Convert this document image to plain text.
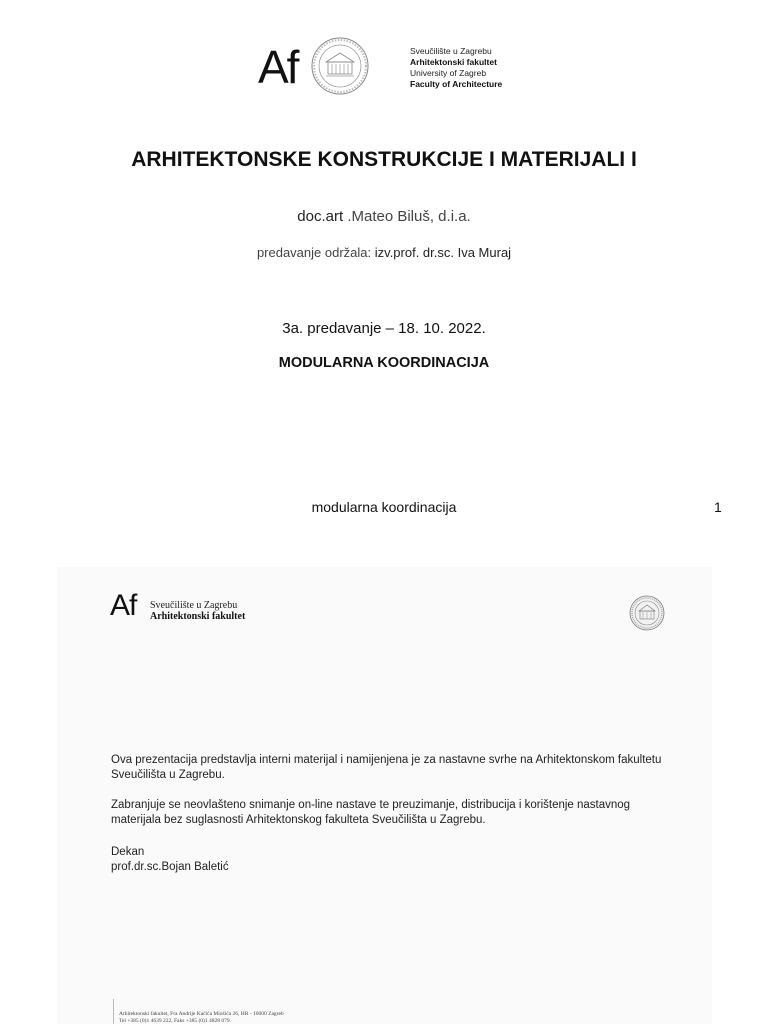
Af	Sveučilište u Zagrebu
Arhitektonski fakultet
University of Zagreb
Faculty of Architecture
ARHITEKTONSKE KONSTRUKCIJE I MATERIJALI I
doc.art .Mateo Biluš, d.i.a.
predavanje održala: izv.prof. dr.sc. Iva Muraj
3a. predavanje – 18. 10. 2022.
MODULARNA KOORDINACIJA
modularna koordinacija	1
Af Sveučilište u Zagrebu
Arhitektonski fakultet
Ova prezentacija predstavlja interni materijal i namijenjena je za nastavne svrhe na Arhitektonskom fakultetu Sveučilišta u Zagrebu.
Zabranjuje se neovlašteno snimanje on-line nastave te preuzimanje, distribucija i korištenje nastavnog materijala bez suglasnosti Arhitektonskog fakulteta Sveučilišta u Zagrebu.
Dekan
prof.dr.sc.Bojan Baletić
Arhitektonski fakultet, Fra Andrije Kačića Miošića 26, HR - 10000 Zagreb
Tel +385 (0)1 4639 222, Faks +385 (0)1 4828 079
